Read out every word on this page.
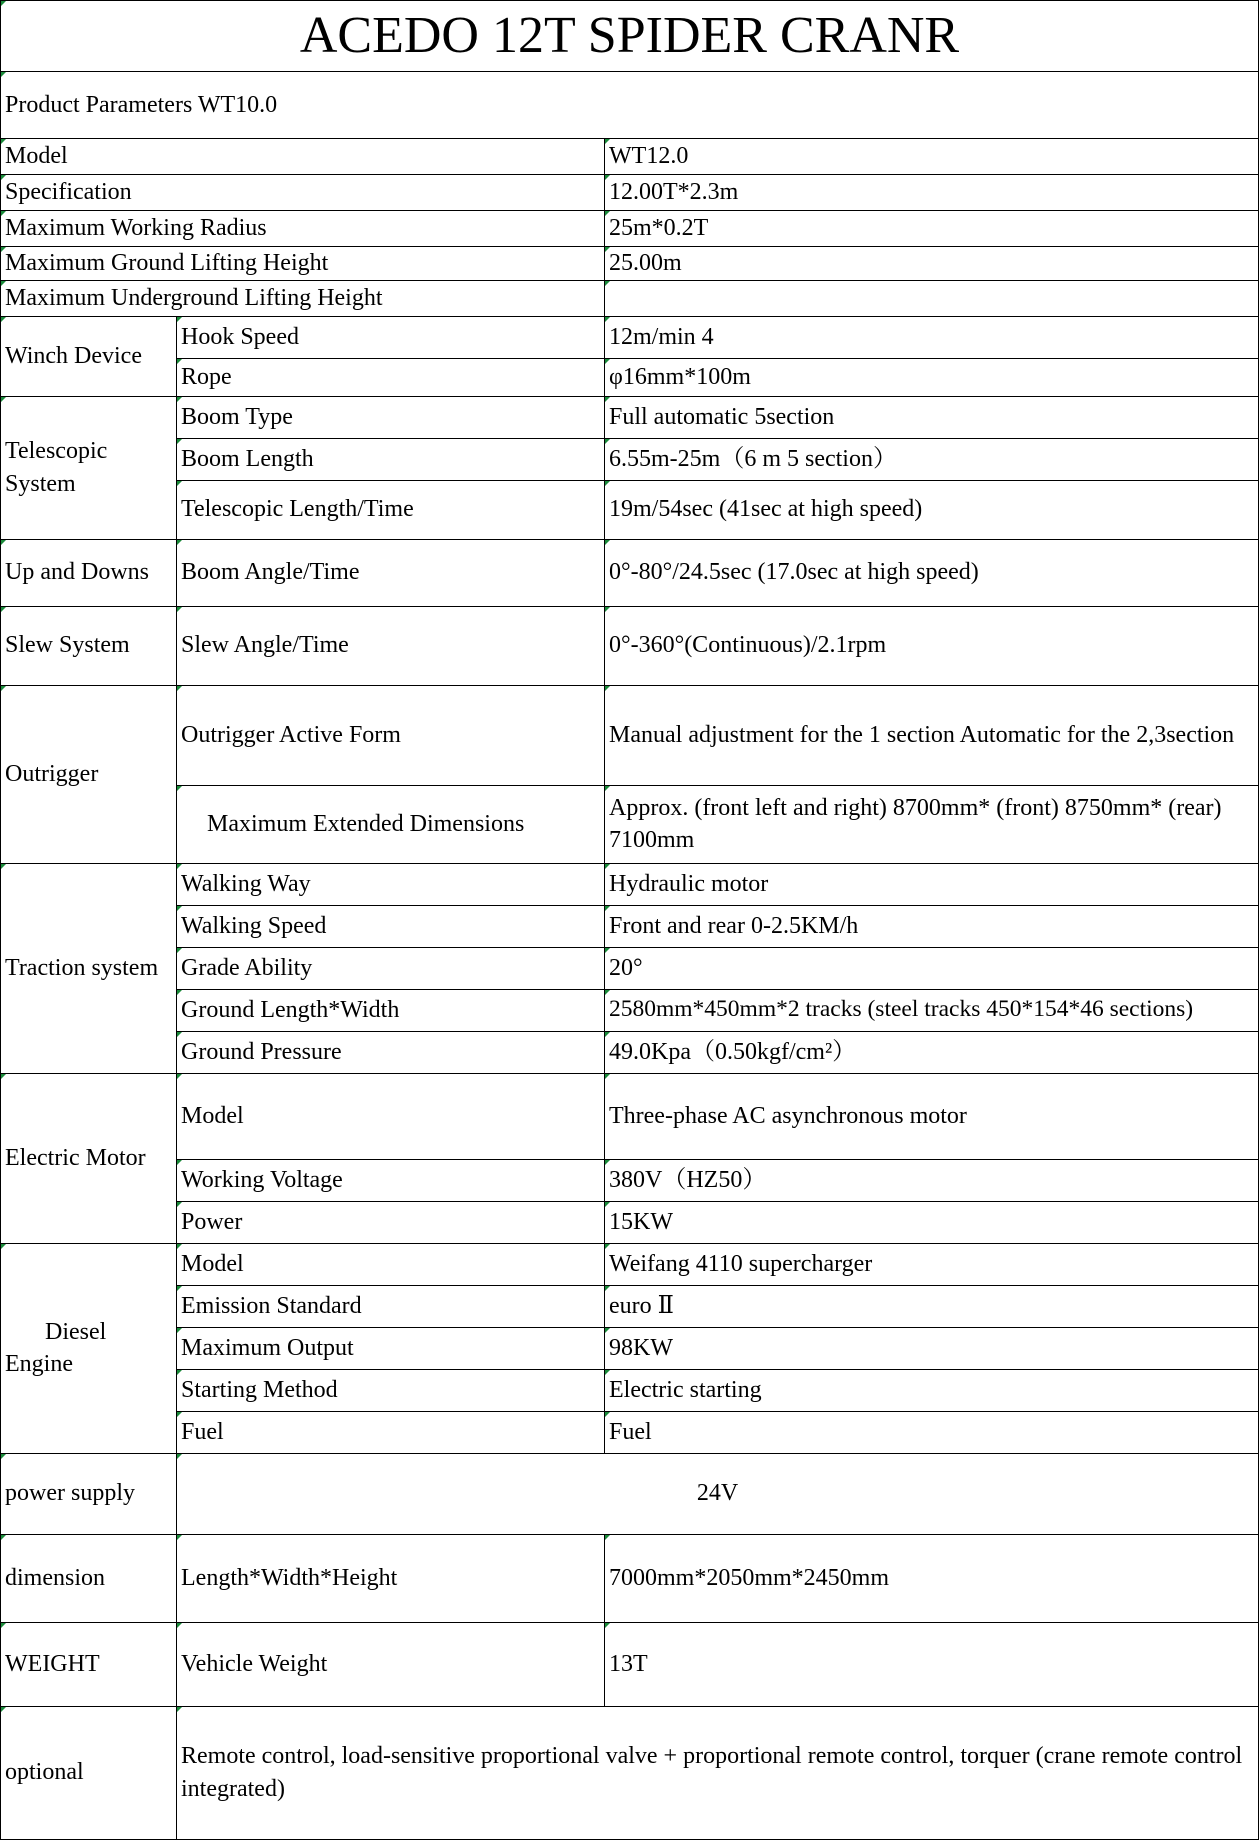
ACEDO 12T SPIDER CRANR		
Product Parameters WT10.0		
Model		WT12.0
Specification		12.00T*2.3m
Maximum Working Radius		25m*0.2T
Maximum Ground Lifting Height		25.00m
Maximum Underground Lifting Height		
Winch Device	Hook Speed	12m/min 4
	Rope	φ16mm*100m
Telescopic System	Boom Type	Full automatic 5section
	Boom Length	6.55m-25m（6 m 5 section）
	Telescopic Length/Time	19m/54sec (41sec at high speed)
Up and Downs	Boom Angle/Time	0°-80°/24.5sec (17.0sec at high speed)
Slew System	Slew Angle/Time	0°-360°(Continuous)/2.1rpm
Outrigger	Outrigger Active Form	Manual adjustment for the 1 section Automatic for the 2,3section
	Maximum Extended Dimensions	Approx. (front left and right) 8700mm* (front) 8750mm* (rear) 7100mm
Traction system	Walking Way	Hydraulic motor
	Walking Speed	Front and rear 0-2.5KM/h
	Grade Ability	20°
	Ground Length*Width	2580mm*450mm*2 tracks (steel tracks 450*154*46 sections)
	Ground Pressure	49.0Kpa（0.50kgf/cm²）
Electric Motor	Model	Three-phase AC asynchronous motor
	Working Voltage	380V（HZ50）
	Power	15KW
Diesel Engine	Model	Weifang 4110 supercharger
	Emission Standard	euro Ⅱ
	Maximum Output	98KW
	Starting Method	Electric starting
	Fuel	Fuel
power supply	24V	
dimension	Length*Width*Height	7000mm*2050mm*2450mm
WEIGHT	Vehicle Weight	13T
optional	Remote control, load-sensitive proportional valve + proportional remote control, torquer (crane remote control integrated)	
